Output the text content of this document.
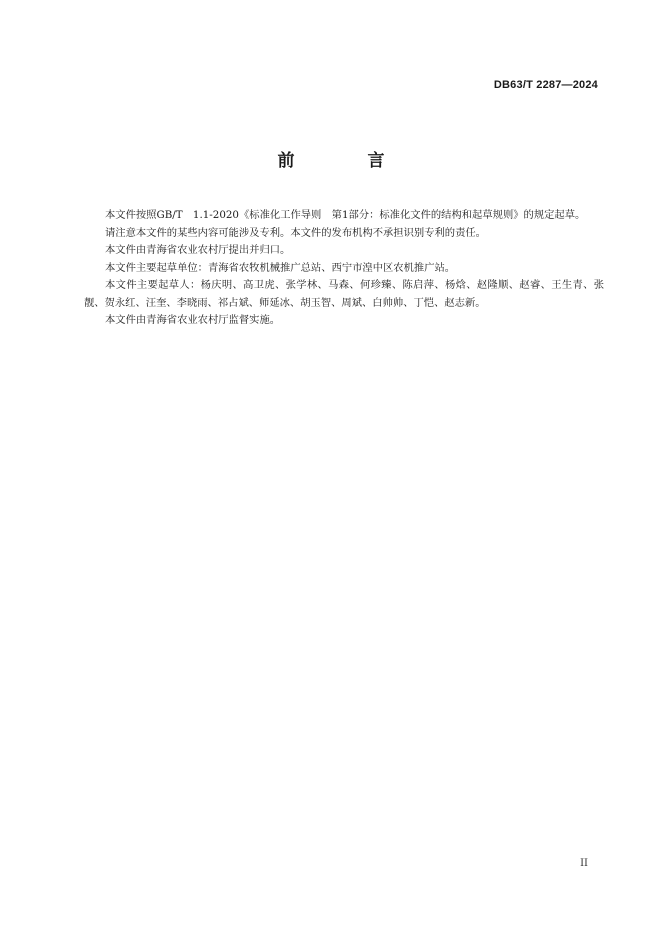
DB63/T 2287—2024
前　言

本文件按照GB/T　1.1-2020《标准化工作导则　第1部分：标准化文件的结构和起草规则》的规定起草。

请注意本文件的某些内容可能涉及专利。本文件的发布机构不承担识别专利的责任。

本文件由青海省农业农村厅提出并归口。

本文件主要起草单位：青海省农牧机械推广总站、西宁市湟中区农机推广站。

本文件主要起草人：杨庆明、高卫虎、张学林、马森、何珍臻、陈启萍、杨焓、赵隆顺、赵睿、王生青、张靓、贺永红、汪奎、李晓雨、祁占斌、师延冰、胡玉智、周斌、白帅帅、丁恺、赵志新。

本文件由青海省农业农村厅监督实施。

II
